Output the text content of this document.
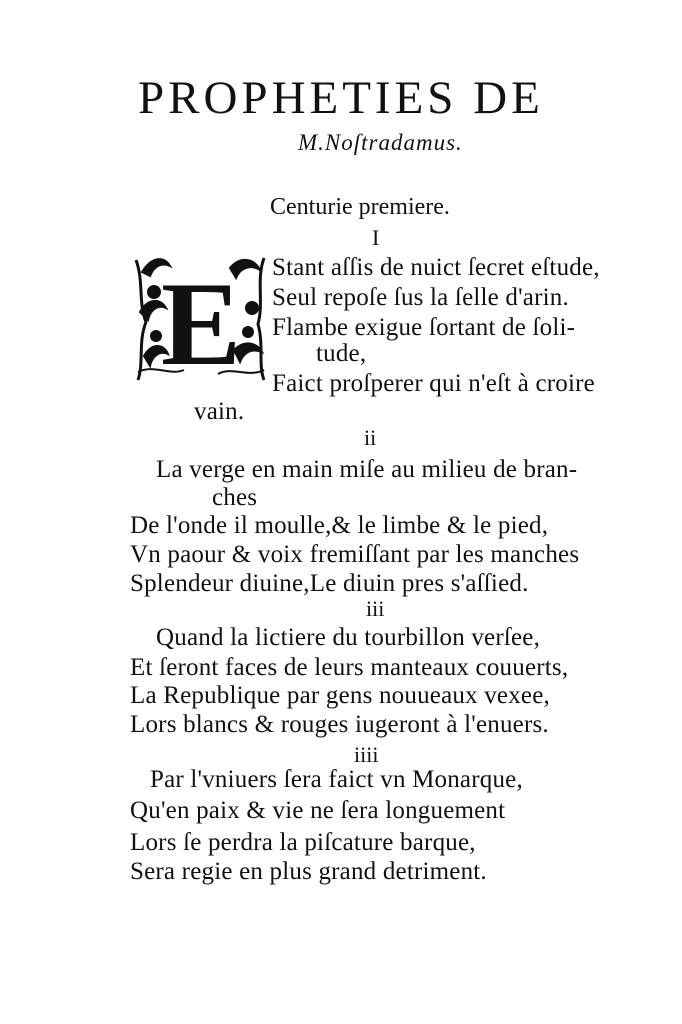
PROPHETIES DE
M.Noſtradamus.
Centurie premiere.
I
E Stant aſſis de nuict ſecret eſtude,
Seul repoſe ſus la ſelle d'arin.
Flambe exigue ſortant de ſoli-
tude,
Faict proſperer qui n'eſt à croire
vain.
ii
La verge en main miſe au milieu de bran-
ches
De l'onde il moulle,& le limbe & le pied,
Vn paour & voix fremiſſant par les manches
Splendeur diuine,Le diuin pres s'aſſied.
iii
Quand la lictiere du tourbillon verſee,
Et ſeront faces de leurs manteaux couuerts,
La Republique par gens nouueaux vexee,
Lors blancs & rouges iugeront à l'enuers.
iiii
Par l'vniuers ſera faict vn Monarque,
Qu'en paix & vie ne ſera longuement
Lors ſe perdra la piſcature barque,
Sera regie en plus grand detriment.
